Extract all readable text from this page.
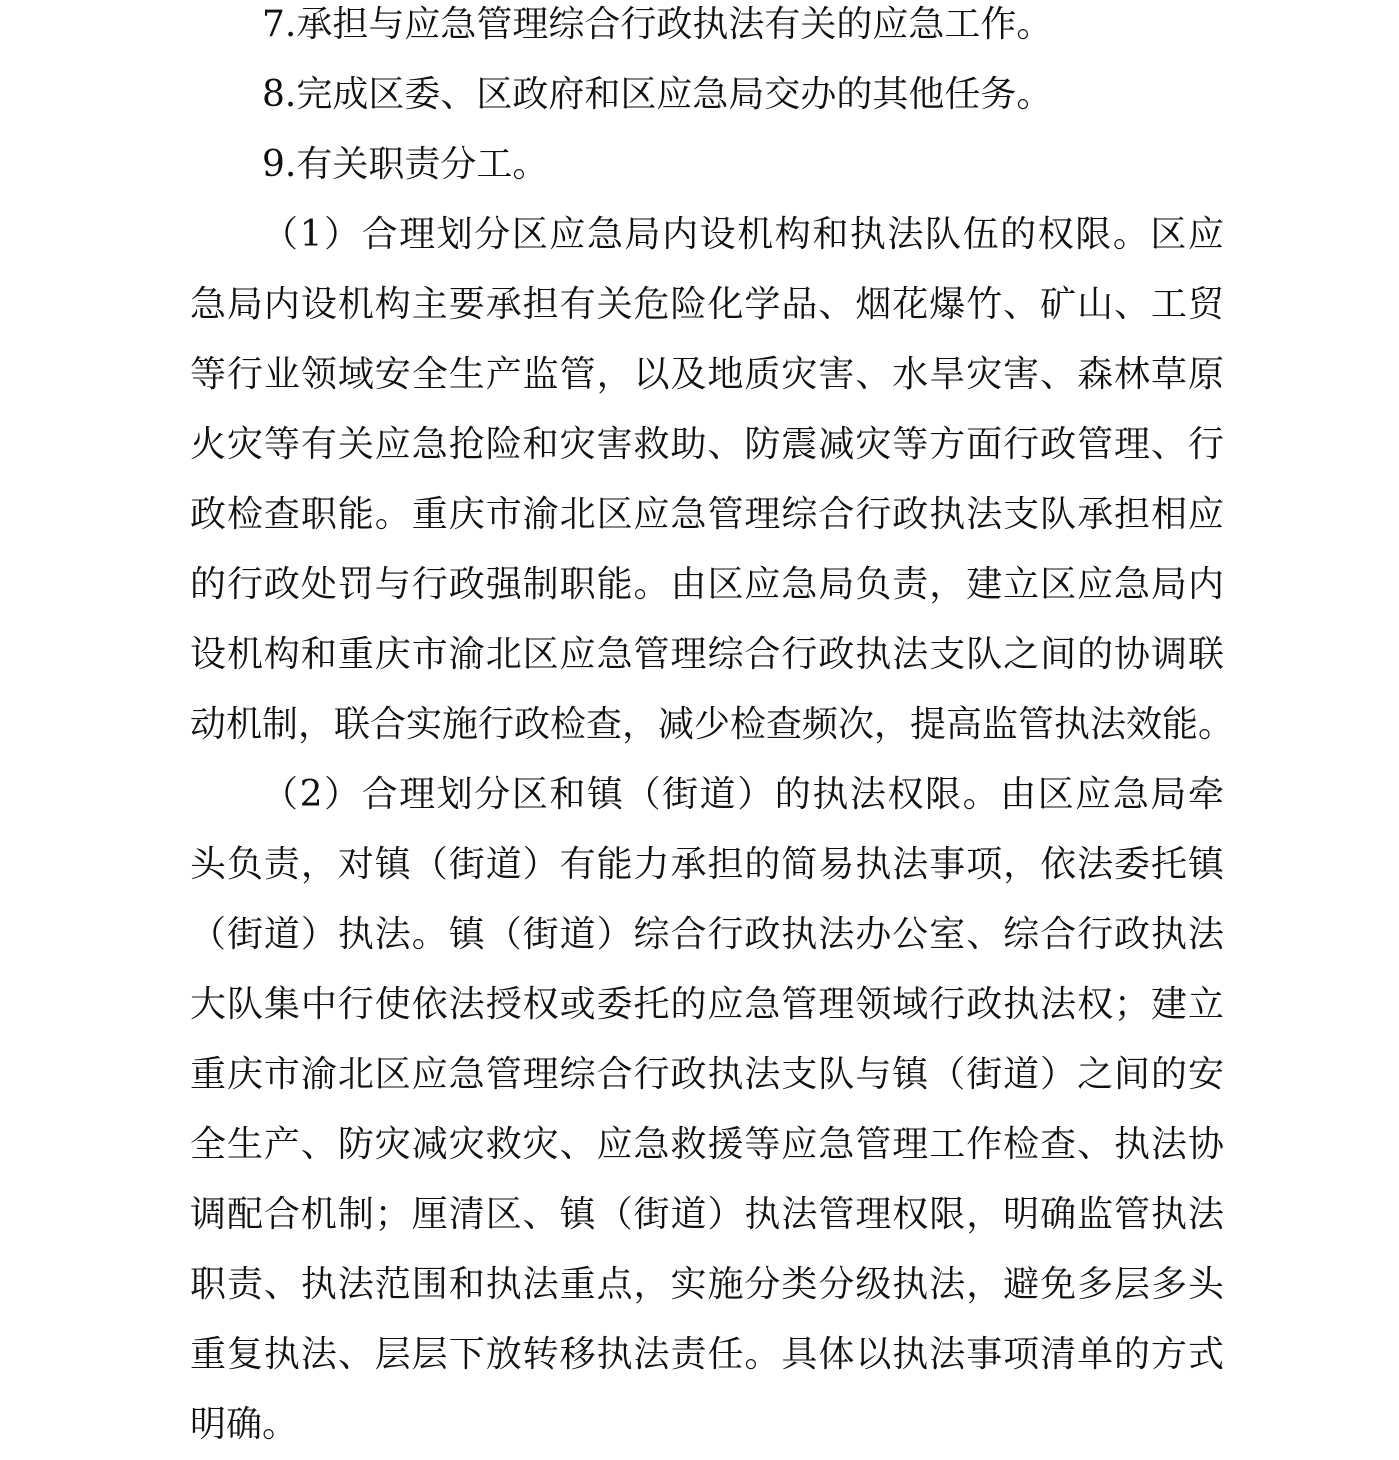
7.承担与应急管理综合行政执法有关的应急工作。
8.完成区委、区政府和区应急局交办的其他任务。
9.有关职责分工。
（1）合理划分区应急局内设机构和执法队伍的权限。区应
急局内设机构主要承担有关危险化学品、烟花爆竹、矿山、工贸
等行业领域安全生产监管，以及地质灾害、水旱灾害、森林草原
火灾等有关应急抢险和灾害救助、防震减灾等方面行政管理、行
政检查职能。重庆市渝北区应急管理综合行政执法支队承担相应
的行政处罚与行政强制职能。由区应急局负责，建立区应急局内
设机构和重庆市渝北区应急管理综合行政执法支队之间的协调联
动机制，联合实施行政检查，减少检查频次，提高监管执法效能。
（2）合理划分区和镇（街道）的执法权限。由区应急局牵
头负责，对镇（街道）有能力承担的简易执法事项，依法委托镇
（街道）执法。镇（街道）综合行政执法办公室、综合行政执法
大队集中行使依法授权或委托的应急管理领域行政执法权；建立
重庆市渝北区应急管理综合行政执法支队与镇（街道）之间的安
全生产、防灾减灾救灾、应急救援等应急管理工作检查、执法协
调配合机制；厘清区、镇（街道）执法管理权限，明确监管执法
职责、执法范围和执法重点，实施分类分级执法，避免多层多头
重复执法、层层下放转移执法责任。具体以执法事项清单的方式
明确。
